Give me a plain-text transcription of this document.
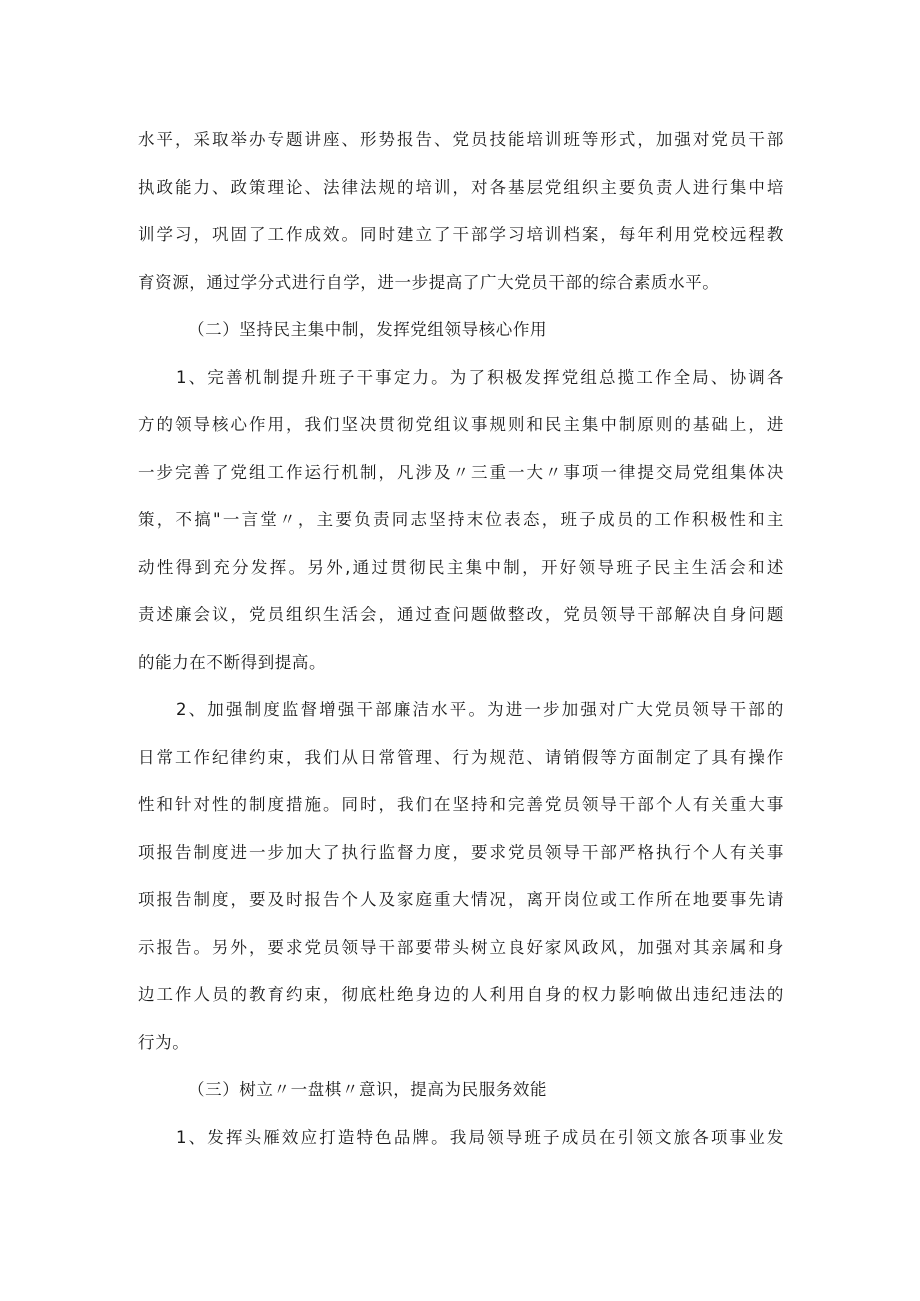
水平，采取举办专题讲座、形势报告、党员技能培训班等形式，加强对党员干部
执政能力、政策理论、法律法规的培训，对各基层党组织主要负责人进行集中培
训学习，巩固了工作成效。同时建立了干部学习培训档案，每年利用党校远程教
育资源，通过学分式进行自学，进一步提高了广大党员干部的综合素质水平。
（二）坚持民主集中制，发挥党组领导核心作用
1、完善机制提升班子干事定力。为了积极发挥党组总揽工作全局、协调各
方的领导核心作用，我们坚决贯彻党组议事规则和民主集中制原则的基础上，进
一步完善了党组工作运行机制，凡涉及〃三重一大〃事项一律提交局党组集体决
策，不搞"一言堂〃，主要负责同志坚持末位表态，班子成员的工作积极性和主
动性得到充分发挥。另外,通过贯彻民主集中制，开好领导班子民主生活会和述
责述廉会议，党员组织生活会，通过查问题做整改，党员领导干部解决自身问题
的能力在不断得到提高。
2、加强制度监督增强干部廉洁水平。为进一步加强对广大党员领导干部的
日常工作纪律约束，我们从日常管理、行为规范、请销假等方面制定了具有操作
性和针对性的制度措施。同时，我们在坚持和完善党员领导干部个人有关重大事
项报告制度进一步加大了执行监督力度，要求党员领导干部严格执行个人有关事
项报告制度，要及时报告个人及家庭重大情况，离开岗位或工作所在地要事先请
示报告。另外，要求党员领导干部要带头树立良好家风政风，加强对其亲属和身
边工作人员的教育约束，彻底杜绝身边的人利用自身的权力影响做出违纪违法的
行为。
（三）树立〃一盘棋〃意识，提高为民服务效能
1、发挥头雁效应打造特色品牌。我局领导班子成员在引领文旅各项事业发
